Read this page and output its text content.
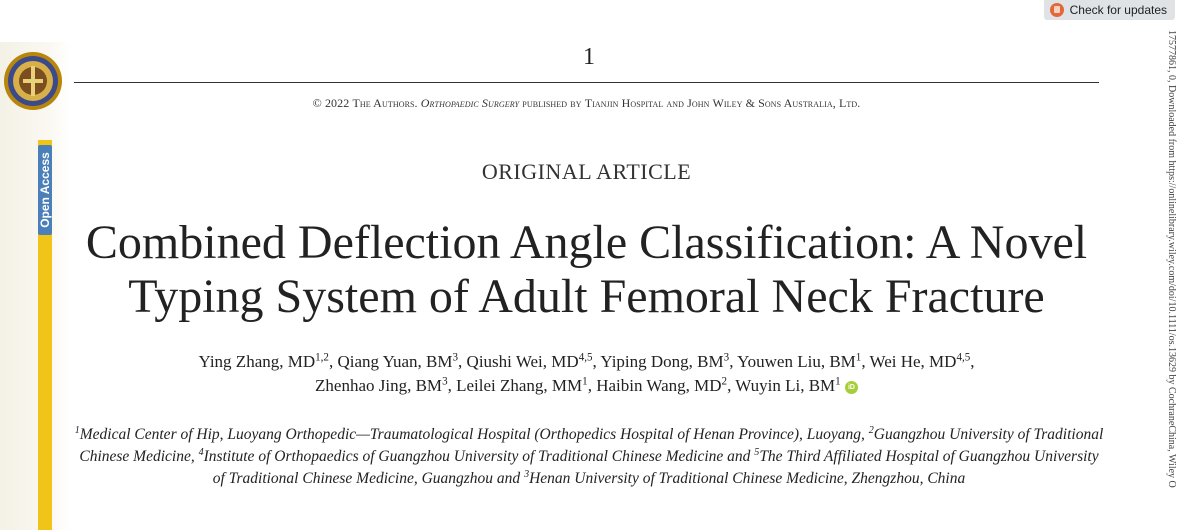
Open Access
Check for updates
1
© 2022 The Authors. Orthopaedic Surgery published by Tianjin Hospital and John Wiley & Sons Australia, Ltd.
ORIGINAL ARTICLE
Combined Deflection Angle Classification: A Novel
Typing System of Adult Femoral Neck Fracture
Ying Zhang, MD$^{1,2}$, Qiang Yuan, $BM^3$, Qiushi Wei, MD$^{4,5}$, Yiping Dong, $BM^3$, Youwen Liu, $BM^1$, Wei He, MD$^{4,5}$,
Zhenhao Jing, $BM^3$, Leilei Zhang, $MM^1$, Haibin Wang, $MD^2$, Wuyin Li, $BM^1$ iD
$^1$Medical Center of Hip, Luoyang Orthopedic—Traumatological Hospital (Orthopedics Hospital of Henan Province), Luoyang, $^2$Guangzhou University of Traditional Chinese Medicine, $^4$Institute of Orthopaedics of Guangzhou University of Traditional Chinese Medicine and $^5$The Third Affiliated Hospital of Guangzhou University of Traditional Chinese Medicine, Guangzhou and $^3$Henan University of Traditional Chinese Medicine, Zhengzhou, China	17577861, 0, Downloaded from https://onlinelibrary.wiley.com/doi/10.1111/os.13629 by CochraneChina, Wiley O
